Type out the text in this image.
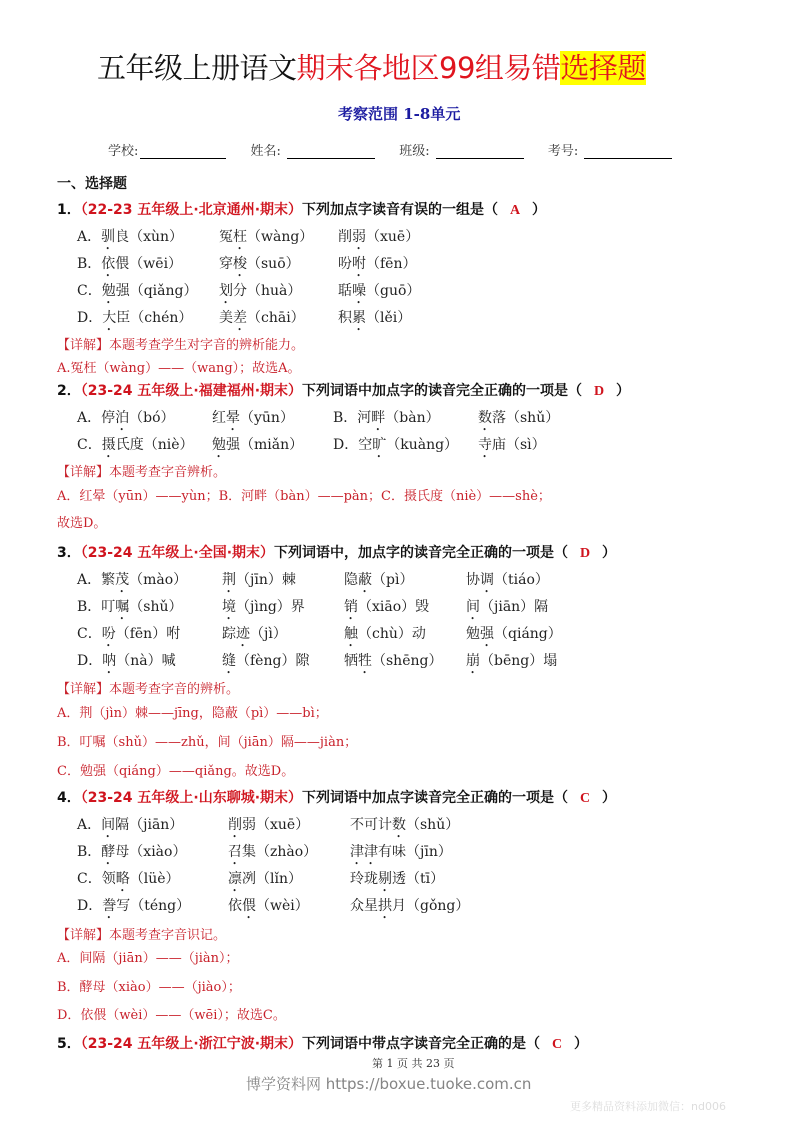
五年级上册语文期末各地区99组易错选择题
考察范围 1-8单元
学校:	姓名:	班级:	考号:
一、选择题
1．（22-23 五年级上·北京通州·期末）下列加点字读音有误的一组是（ A ）
A．驯良（xùn）	冤枉（wàng） 削弱（xuē）
B．依偎（wēi）	穿梭（suō）	吩咐（fēn）
C．勉强（qiǎng） 划分（huà）	聒噪（guō）
D．大臣（chén） 美差（chāi） 积累（lěi）
【详解】本题考查学生对字音的辨析能力。
A.冤枉（wàng）——（wang）；故选A。
2．（23-24 五年级上·福建福州·期末）下列词语中加点字的读音完全正确的一项是（ D ）
A．停泊（bó）	红晕（yūn）	B．河畔（bàn）	数落（shǔ）
C．摄氏度（niè） 勉强（miǎn） D．空旷（kuàng） 寺庙（sì）
【详解】本题考查字音辨析。
A．红晕（yūn）——yùn；B．河畔（bàn）——pàn；C．摄氏度（niè）——shè；
故选D。
3．（23-24 五年级上·全国·期末）下列词语中，加点字的读音完全正确的一项是（ D ）
A．繁茂（mào） 荆（jīn）棘	隐蔽（pì）	协调（tiáo）
B．叮嘱（shǔ）	境（jìng）界	销（xiāo）毁	间（jiān）隔
C．吩（fēn）咐	踪迹（jì）	触（chù）动	勉强（qiáng）
D．呐（nà）喊	缝（fèng）隙 牺牲（shēng） 崩（bēng）塌
【详解】本题考查字音的辨析。
A．荆（jìn）棘——jīng，隐蔽（pì）——bì；
B．叮嘱（shǔ）——zhǔ，间（jiān）隔——jiàn；
C．勉强（qiáng）——qiǎng。故选D。
4．（23-24 五年级上·山东聊城·期末）下列词语中加点字读音完全正确的一项是（ C ）
A．间隔（jiān）	削弱（xuē）	不可计数（shǔ）
B．酵母（xiào）	召集（zhào） 津津有味（jīn）
C．领略（lüè）	凛冽（lǐn）	玲珑剔透（tī）
D．誊写（téng）	依偎（wèi）	众星拱月（gǒng）
【详解】本题考查字音识记。
A．间隔（jiān）——（jiàn）；
B．酵母（xiào）——（jiào）；
D．依偎（wèi）——（wēi）；故选C。
5．（23-24 五年级上·浙江宁波·期末）下列词语中带点字读音完全正确的是（ C ）
第 1 页 共 23 页
博学资料网 https://boxue.tuoke.com.cn
更多精品资料添加微信：nd006
